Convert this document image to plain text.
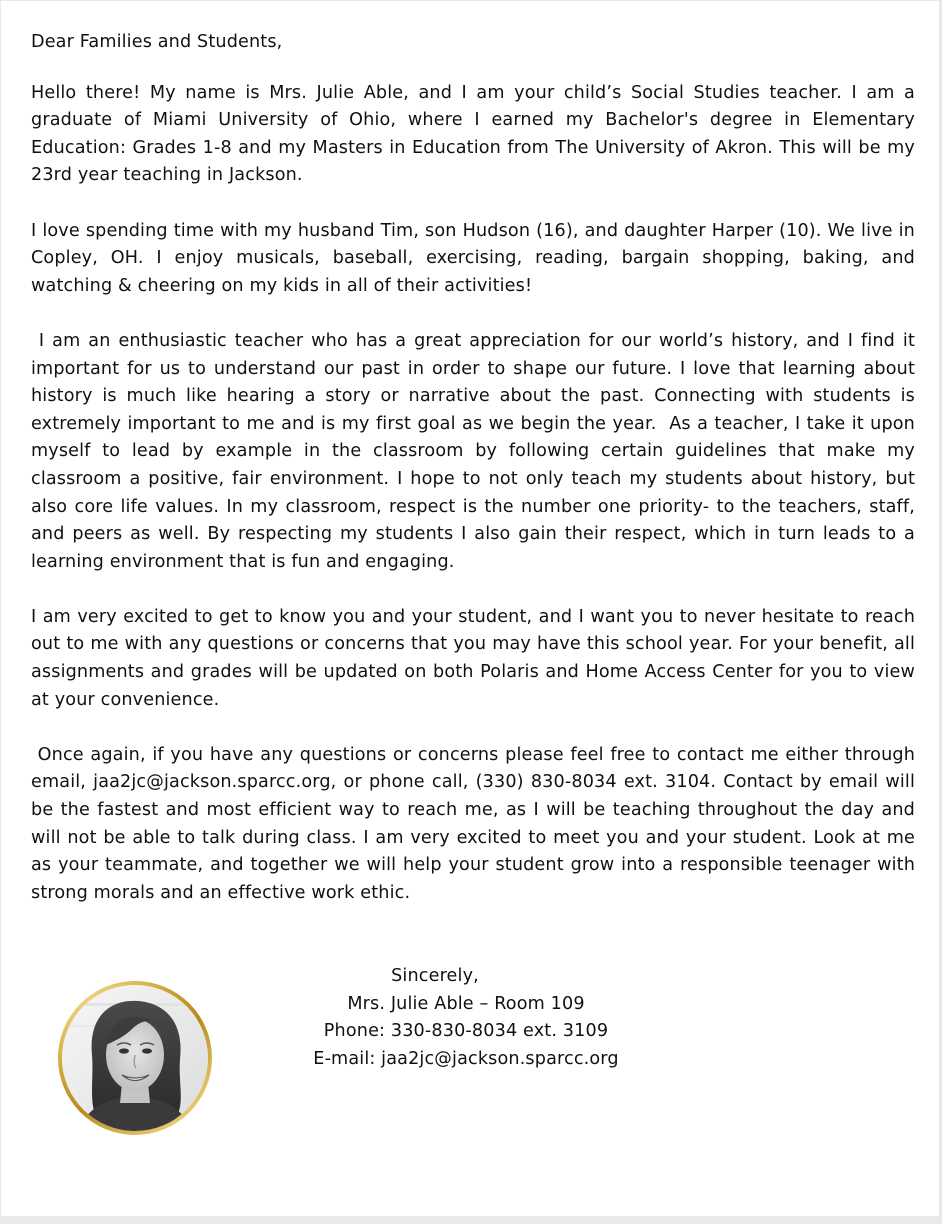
Dear Families and Students,

Hello there! My name is Mrs. Julie Able, and I am your child’s Social Studies teacher. I am a graduate of Miami University of Ohio, where I earned my Bachelor's degree in Elementary Education: Grades 1-8 and my Masters in Education from The University of Akron. This will be my 23rd year teaching in Jackson.

I love spending time with my husband Tim, son Hudson (16), and daughter Harper (10). We live in Copley, OH. I enjoy musicals, baseball, exercising, reading, bargain shopping, baking, and watching & cheering on my kids in all of their activities!

I am an enthusiastic teacher who has a great appreciation for our world’s history, and I find it important for us to understand our past in order to shape our future. I love that learning about history is much like hearing a story or narrative about the past. Connecting with students is extremely important to me and is my first goal as we begin the year.  As a teacher, I take it upon myself to lead by example in the classroom by following certain guidelines that make my classroom a positive, fair environment. I hope to not only teach my students about history, but also core life values. In my classroom, respect is the number one priority- to the teachers, staff, and peers as well. By respecting my students I also gain their respect, which in turn leads to a learning environment that is fun and engaging.

I am very excited to get to know you and your student, and I want you to never hesitate to reach out to me with any questions or concerns that you may have this school year. For your benefit, all assignments and grades will be updated on both Polaris and Home Access Center for you to view at your convenience.

Once again, if you have any questions or concerns please feel free to contact me either through email, jaa2jc@jackson.sparcc.org, or phone call, (330) 830-8034 ext. 3104. Contact by email will be the fastest and most efficient way to reach me, as I will be teaching throughout the day and will not be able to talk during class. I am very excited to meet you and your student. Look at me as your teammate, and together we will help your student grow into a responsible teenager with strong morals and an effective work ethic.

Sincerely,
Mrs. Julie Able – Room 109
Phone: 330-830-8034 ext. 3109
E-mail: jaa2jc@jackson.sparcc.org
